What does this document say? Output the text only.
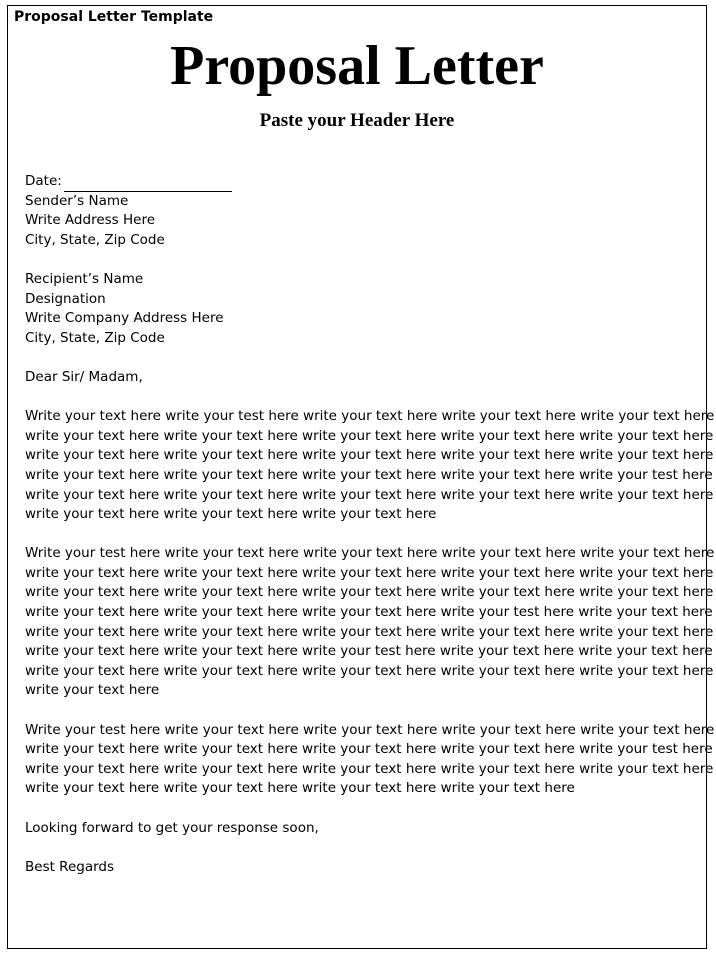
Proposal Letter Template
Proposal Letter
Paste your Header Here
Date:
Sender’s Name
Write Address Here
City, State, Zip Code
Recipient’s Name
Designation
Write Company Address Here
City, State, Zip Code
Dear Sir/ Madam,
Write your text here write your test here write your text here write your text here write your text here
write your text here write your text here write your text here write your text here write your text here
write your text here write your text here write your text here write your text here write your text here
write your text here write your text here write your text here write your text here write your test here
write your text here write your text here write your text here write your text here write your text here
write your text here write your text here write your text here
Write your test here write your text here write your text here write your text here write your text here
write your text here write your text here write your text here write your text here write your text here
write your text here write your text here write your text here write your text here write your text here
write your text here write your text here write your text here write your test here write your text here
write your text here write your text here write your text here write your text here write your text here
write your text here write your text here write your test here write your text here write your text here
write your text here write your text here write your text here write your text here write your text here
write your text here
Write your test here write your text here write your text here write your text here write your text here
write your text here write your text here write your text here write your text here write your test here
write your text here write your text here write your text here write your text here write your text here
write your text here write your text here write your text here write your text here
Looking forward to get your response soon,
Best Regards
